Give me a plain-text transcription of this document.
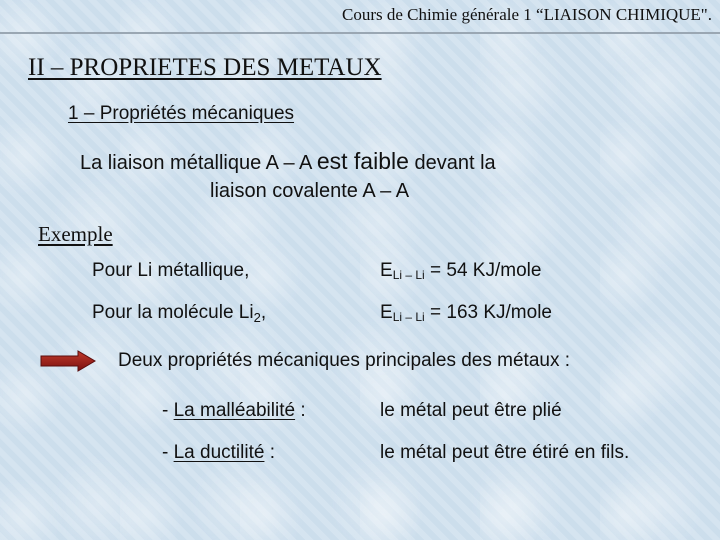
Cours de Chimie générale 1 “LIAISON CHIMIQUE".
II – PROPRIETES DES METAUX
1 – Propriétés mécaniques
La liaison métallique A – A est faible devant la
liaison covalente A – A
Exemple
Pour Li métallique,	$E_{Li - Li} = 54$ KJ/mole
Pour la molécule $Li_2$,	$E_{Li - Li} = 163$ KJ/mole
Deux propriétés mécaniques principales des métaux :
- La malléabilité :	le métal peut être plié
- La ductilité :	le métal peut être étiré en fils.
